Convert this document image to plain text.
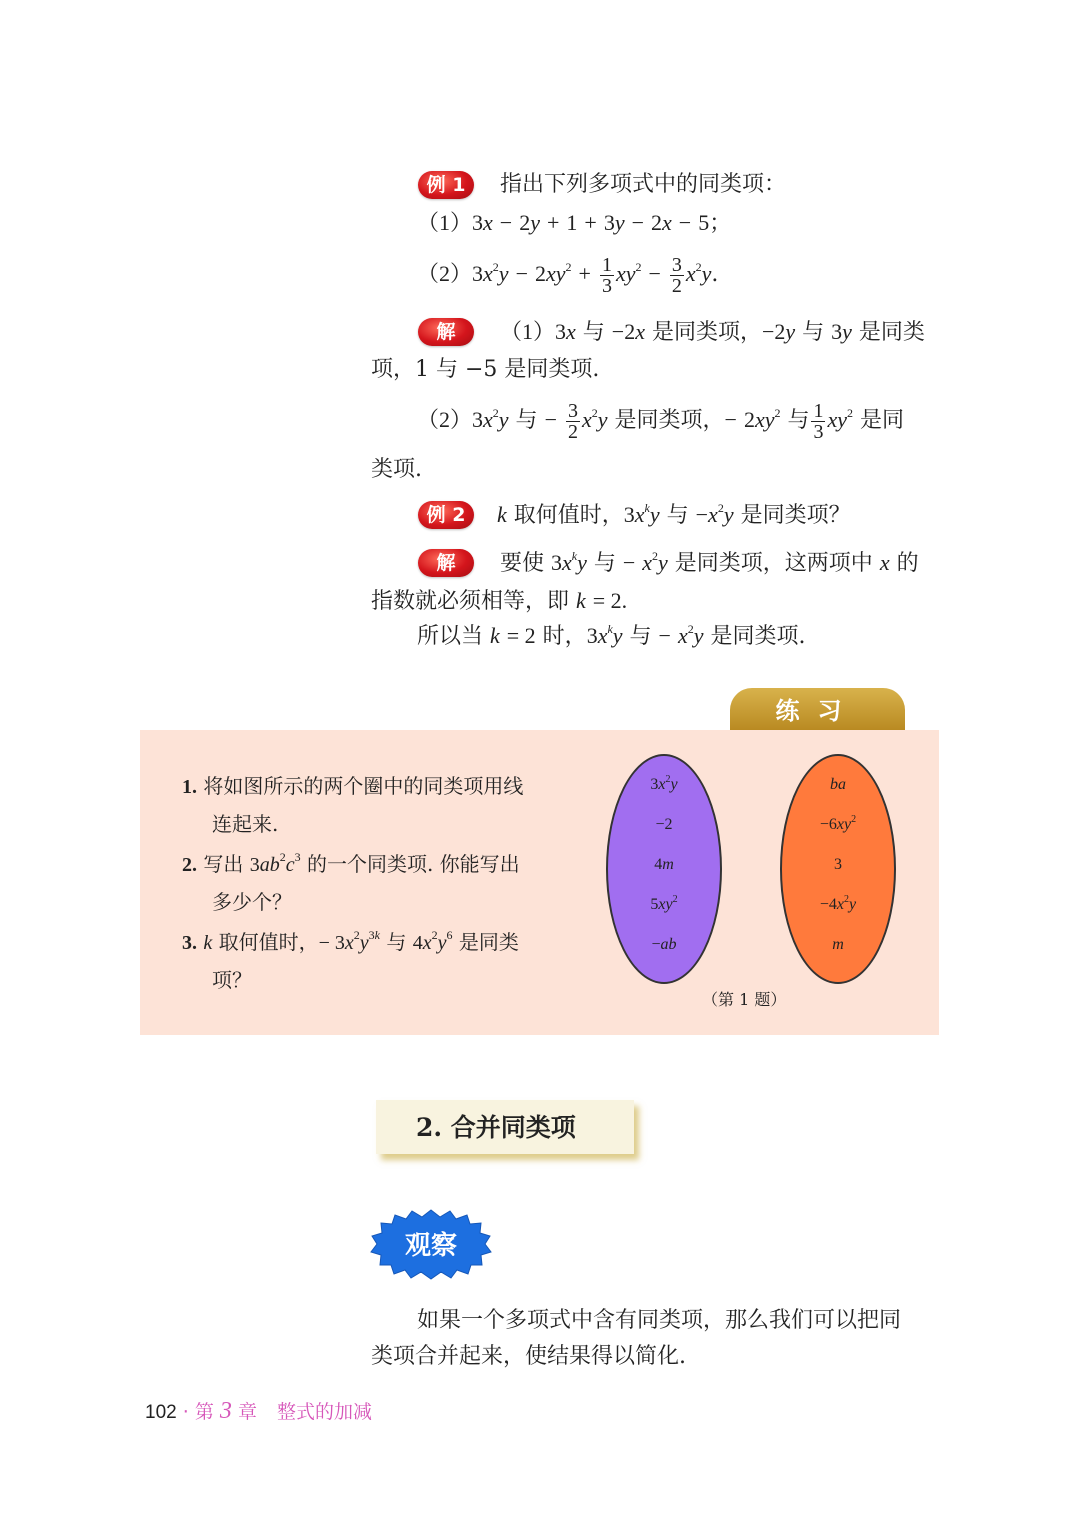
例 1	指出下列多项式中的同类项：
（1）3x − 2y + 1 + 3y − 2x − 5；
$(2)3x^2y - 2xy^2 + \frac{1}{3} xy^2 - \frac{3}{2} x^2y$.
解	（1）3x 与 −2x 是同类项，−2y 与 3y 是同类
项，1 与 −5 是同类项.
$(2)3x^2y$ 与 − $\frac{3}{2} x^2y$ 是同类项，− $2xy^2$ 与 $\frac{1}{3} xy^2$ 是同
类项.
例 2	k 取何值时，$3x^ky$ 与 $-x^2y$ 是同类项？
解	要使 $3x^ky$ 与 − $x^2y$ 是同类项，这两项中 x 的
指数就必须相等，即 k = 2.
所以当 k = 2 时，$3x^ky$ 与 − $x^2y$ 是同类项.
练习
1. 将如图所示的两个圈中的同类项用线
连起来.
2. 写出 $3ab^2c^3$ 的一个同类项. 你能写出
多少个？
3. k 取何值时，− $3x^2y^{3k}$ 与 $4x^2y^6$ 是同类
项？
$3x^2y$
−2
4m
$5xy^2$
−ab
ba
$-6xy^2$
3
$-4x^2y$
m
（第 1 题）
2. 合并同类项
观察
如果一个多项式中含有同类项，那么我们可以把同
类项合并起来，使结果得以简化.
102 · 第 3 章 整式的加减
